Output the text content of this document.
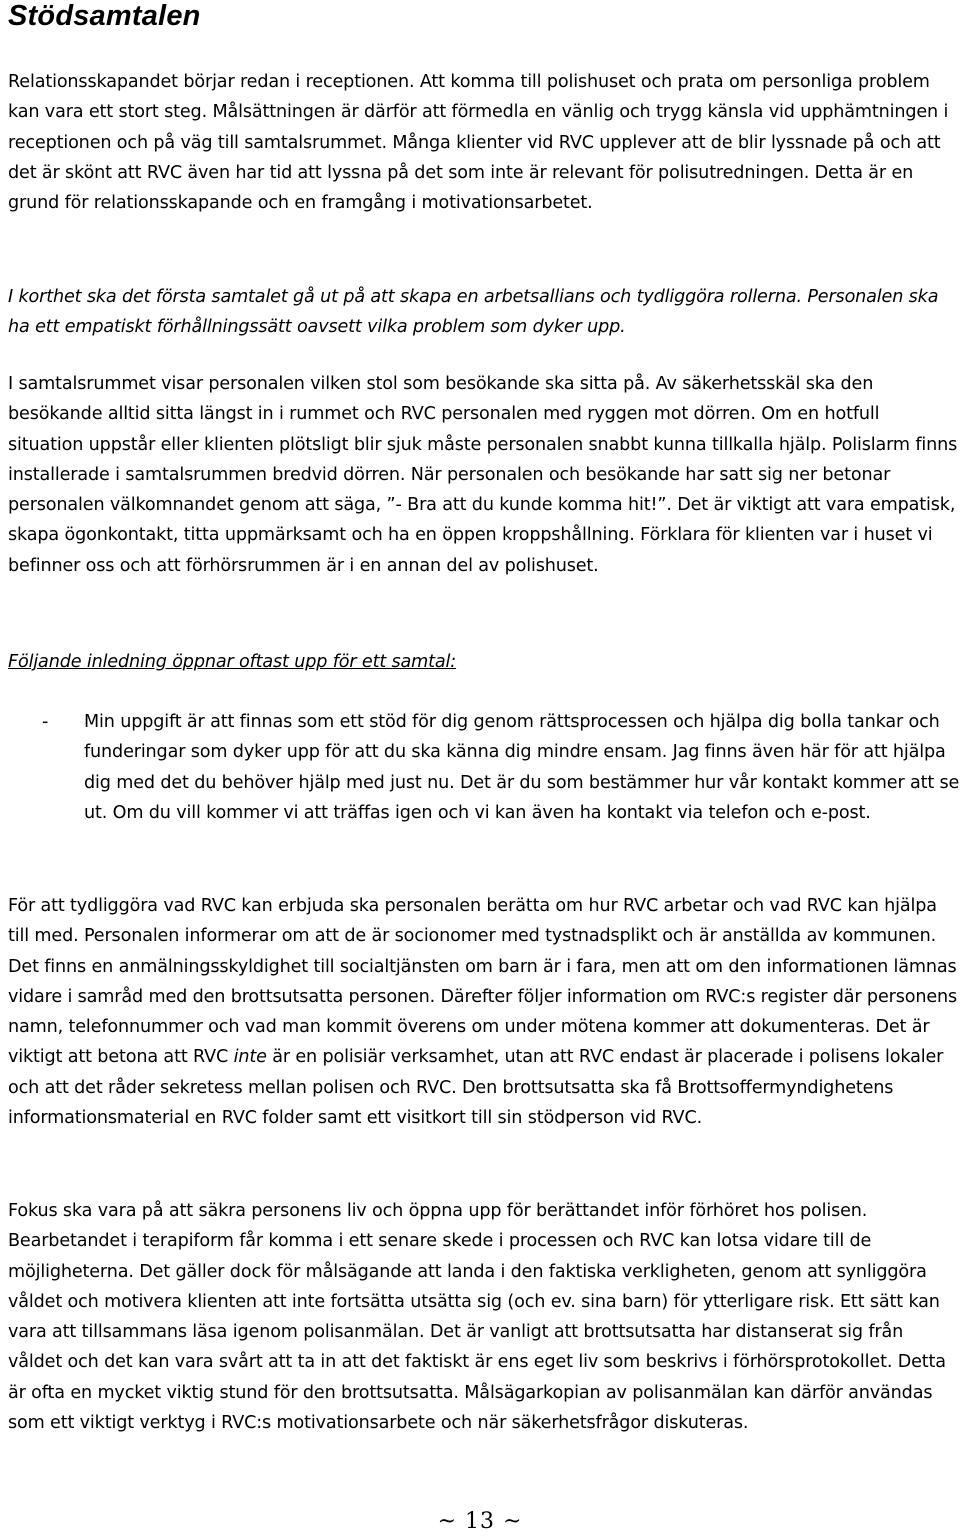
Stödsamtalen

Relationsskapandet börjar redan i receptionen. Att komma till polishuset och prata om personliga problem kan vara ett stort steg. Målsättningen är därför att förmedla en vänlig och trygg känsla vid upphämtningen i receptionen och på väg till samtalsrummet. Många klienter vid RVC upplever att de blir lyssnade på och att det är skönt att RVC även har tid att lyssna på det som inte är relevant för polisutredningen. Detta är en grund för relationsskapande och en framgång i motivationsarbetet.

I korthet ska det första samtalet gå ut på att skapa en arbetsallians och tydliggöra rollerna. Personalen ska ha ett empatiskt förhållningssätt oavsett vilka problem som dyker upp.

I samtalsrummet visar personalen vilken stol som besökande ska sitta på. Av säkerhetsskäl ska den besökande alltid sitta längst in i rummet och RVC personalen med ryggen mot dörren. Om en hotfull situation uppstår eller klienten plötsligt blir sjuk måste personalen snabbt kunna tillkalla hjälp. Polislarm finns installerade i samtalsrummen bredvid dörren. När personalen och besökande har satt sig ner betonar personalen välkomnandet genom att säga, ”- Bra att du kunde komma hit!”. Det är viktigt att vara empatisk, skapa ögonkontakt, titta uppmärksamt och ha en öppen kroppshållning. Förklara för klienten var i huset vi befinner oss och att förhörsrummen är i en annan del av polishuset.

Följande inledning öppnar oftast upp för ett samtal:

- Min uppgift är att finnas som ett stöd för dig genom rättsprocessen och hjälpa dig bolla tankar och funderingar som dyker upp för att du ska känna dig mindre ensam. Jag finns även här för att hjälpa dig med det du behöver hjälp med just nu. Det är du som bestämmer hur vår kontakt kommer att se ut. Om du vill kommer vi att träffas igen och vi kan även ha kontakt via telefon och e-post.

För att tydliggöra vad RVC kan erbjuda ska personalen berätta om hur RVC arbetar och vad RVC kan hjälpa till med. Personalen informerar om att de är socionomer med tystnadsplikt och är anställda av kommunen. Det finns en anmälningsskyldighet till socialtjänsten om barn är i fara, men att om den informationen lämnas vidare i samråd med den brottsutsatta personen. Därefter följer information om RVC:s register där personens namn, telefonnummer och vad man kommit överens om under mötena kommer att dokumenteras. Det är viktigt att betona att RVC inte är en polisiär verksamhet, utan att RVC endast är placerade i polisens lokaler och att det råder sekretess mellan polisen och RVC. Den brottsutsatta ska få Brottsoffermyndighetens informationsmaterial en RVC folder samt ett visitkort till sin stödperson vid RVC.

Fokus ska vara på att säkra personens liv och öppna upp för berättandet inför förhöret hos polisen. Bearbetandet i terapiform får komma i ett senare skede i processen och RVC kan lotsa vidare till de möjligheterna. Det gäller dock för målsägande att landa i den faktiska verkligheten, genom att synliggöra våldet och motivera klienten att inte fortsätta utsätta sig (och ev. sina barn) för ytterligare risk. Ett sätt kan vara att tillsammans läsa igenom polisanmälan. Det är vanligt att brottsutsatta har distanserat sig från våldet och det kan vara svårt att ta in att det faktiskt är ens eget liv som beskrivs i förhörsprotokollet. Detta är ofta en mycket viktig stund för den brottsutsatta. Målsägarkopian av polisanmälan kan därför användas som ett viktigt verktyg i RVC:s motivationsarbete och när säkerhetsfrågor diskuteras.

~ 13 ~
